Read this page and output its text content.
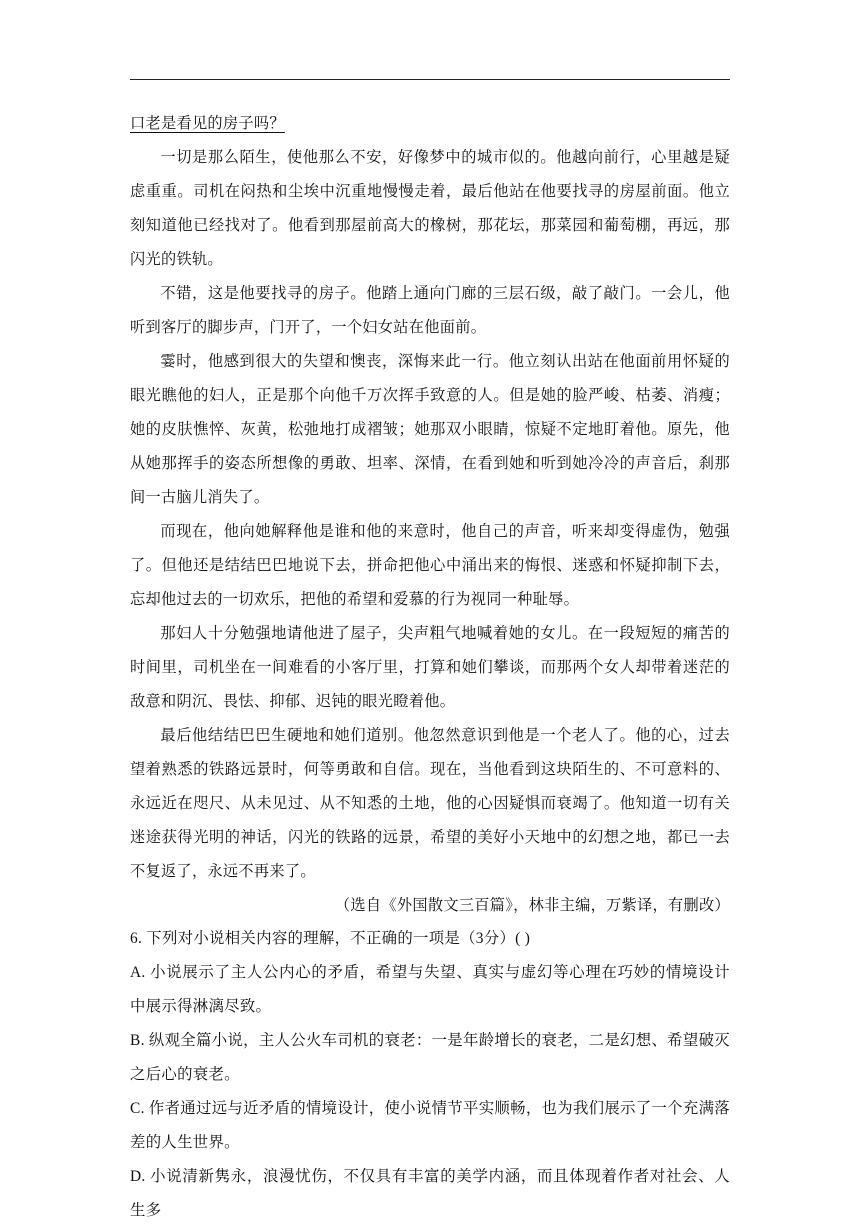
口老是看见的房子吗？

一切是那么陌生，使他那么不安，好像梦中的城市似的。他越向前行，心里越是疑虑重重。司机在闷热和尘埃中沉重地慢慢走着，最后他站在他要找寻的房屋前面。他立刻知道他已经找对了。他看到那屋前高大的橡树，那花坛，那菜园和葡萄棚，再远，那闪光的铁轨。

不错，这是他要找寻的房子。他踏上通向门廊的三层石级，敲了敲门。一会儿，他听到客厅的脚步声，门开了，一个妇女站在他面前。

霎时，他感到很大的失望和懊丧，深悔来此一行。他立刻认出站在他面前用怀疑的眼光瞧他的妇人，正是那个向他千万次挥手致意的人。但是她的脸严峻、枯萎、消瘦；她的皮肤憔悴、灰黄，松弛地打成褶皱；她那双小眼睛，惊疑不定地盯着他。原先，他从她那挥手的姿态所想像的勇敢、坦率、深情，在看到她和听到她冷冷的声音后，刹那间一古脑儿消失了。

而现在，他向她解释他是谁和他的来意时，他自己的声音，听来却变得虚伪，勉强了。但他还是结结巴巴地说下去，拼命把他心中涌出来的悔恨、迷惑和怀疑抑制下去，忘却他过去的一切欢乐，把他的希望和爱慕的行为视同一种耻辱。

那妇人十分勉强地请他进了屋子，尖声粗气地喊着她的女儿。在一段短短的痛苦的时间里，司机坐在一间难看的小客厅里，打算和她们攀谈，而那两个女人却带着迷茫的敌意和阴沉、畏怯、抑郁、迟钝的眼光瞪着他。

最后他结结巴巴生硬地和她们道别。他忽然意识到他是一个老人了。他的心，过去望着熟悉的铁路远景时，何等勇敢和自信。现在，当他看到这块陌生的、不可意料的、永远近在咫尺、从未见过、从不知悉的土地，他的心因疑惧而衰竭了。他知道一切有关迷途获得光明的神话，闪光的铁路的远景，希望的美好小天地中的幻想之地，都已一去不复返了，永远不再来了。

（选自《外国散文三百篇》，林非主编，万紫译，有删改）

6. 下列对小说相关内容的理解，不正确的一项是（3分）( )

A. 小说展示了主人公内心的矛盾，希望与失望、真实与虚幻等心理在巧妙的情境设计中展示得淋漓尽致。

B. 纵观全篇小说，主人公火车司机的衰老：一是年龄增长的衰老，二是幻想、希望破灭之后心的衰老。

C. 作者通过远与近矛盾的情境设计，使小说情节平实顺畅，也为我们展示了一个充满落差的人生世界。

D. 小说清新隽永，浪漫忧伤，不仅具有丰富的美学内涵，而且体现着作者对社会、人生多
